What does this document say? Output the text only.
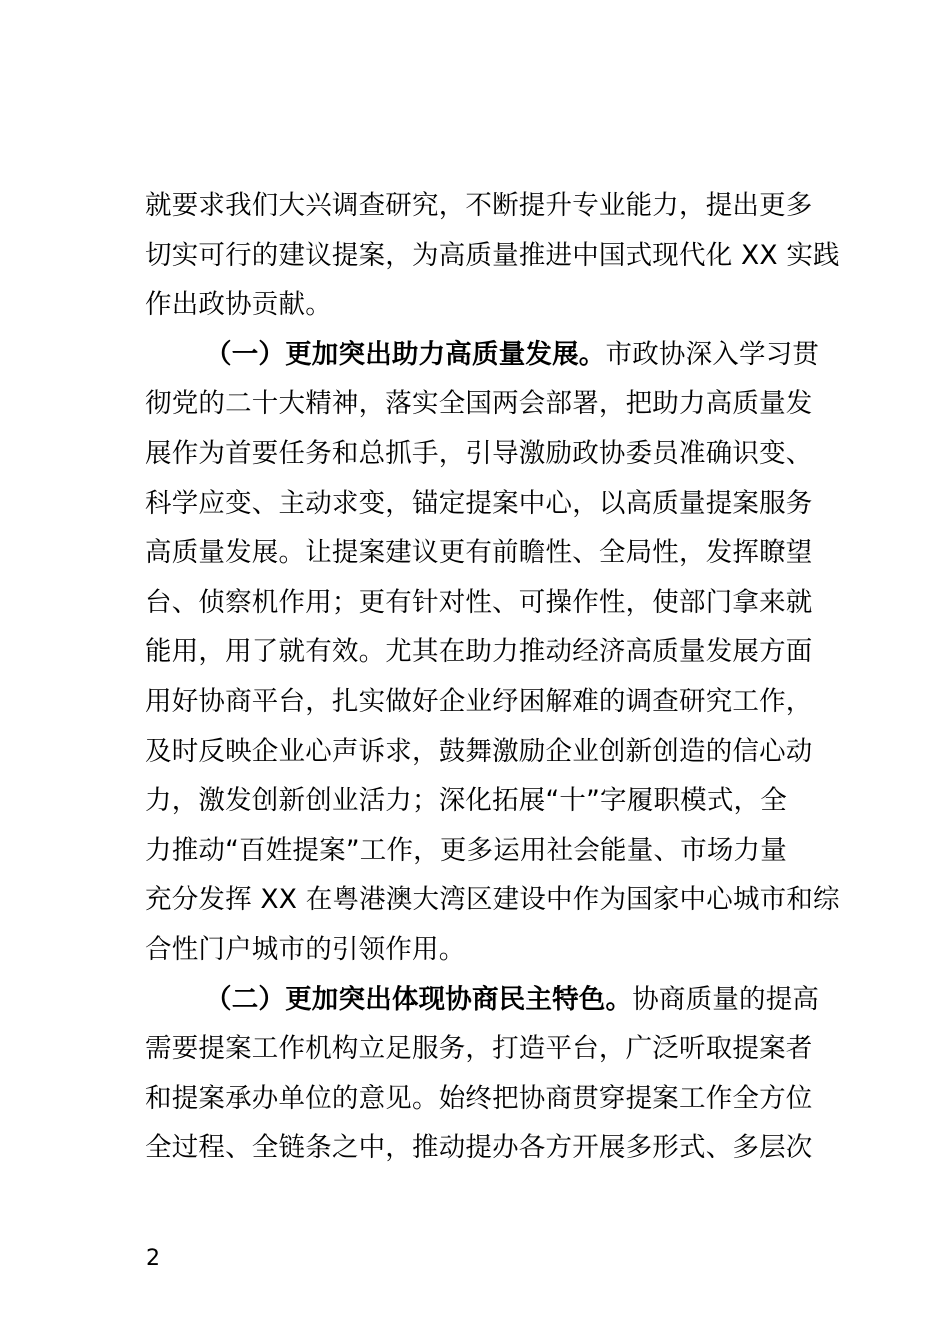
就要求我们大兴调查研究，不断提升专业能力，提出更多
切实可行的建议提案，为高质量推进中国式现代化 XX 实践
作出政协贡献。
（一）更加突出助力高质量发展。市政协深入学习贯
彻党的二十大精神，落实全国两会部署，把助力高质量发
展作为首要任务和总抓手，引导激励政协委员准确识变、
科学应变、主动求变，锚定提案中心，以高质量提案服务
高质量发展。让提案建议更有前瞻性、全局性，发挥瞭望
台、侦察机作用；更有针对性、可操作性，使部门拿来就
能用，用了就有效。尤其在助力推动经济高质量发展方面
用好协商平台，扎实做好企业纾困解难的调查研究工作，
及时反映企业心声诉求，鼓舞激励企业创新创造的信心动
力，激发创新创业活力；深化拓展“十”字履职模式，全
力推动“百姓提案”工作，更多运用社会能量、市场力量
充分发挥 XX 在粤港澳大湾区建设中作为国家中心城市和综
合性门户城市的引领作用。
（二）更加突出体现协商民主特色。协商质量的提高
需要提案工作机构立足服务，打造平台，广泛听取提案者
和提案承办单位的意见。始终把协商贯穿提案工作全方位
全过程、全链条之中，推动提办各方开展多形式、多层次
2
